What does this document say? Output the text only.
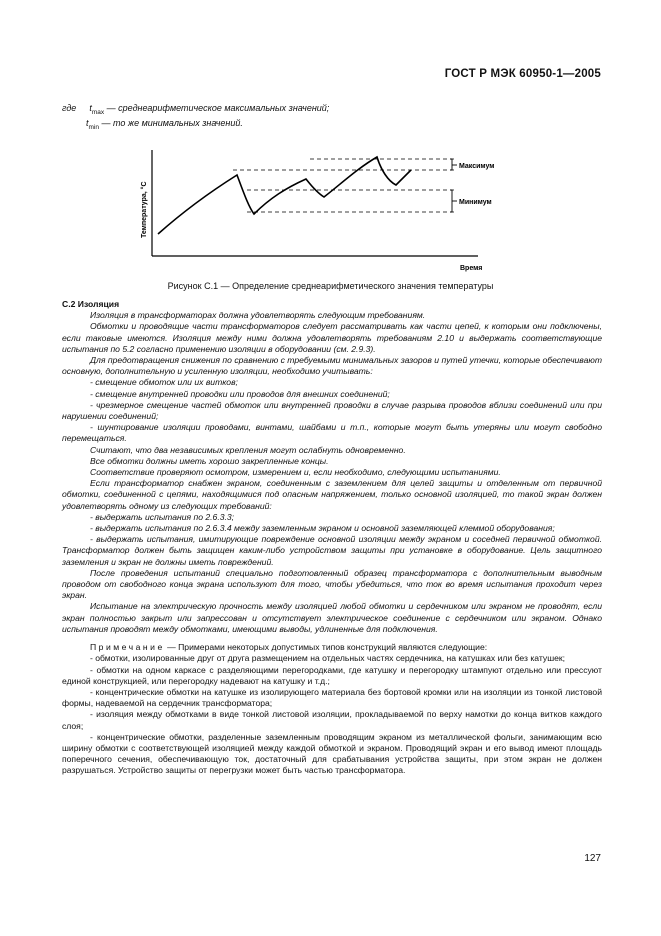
ГОСТ Р МЭК 60950-1—2005
где $t_{max}$ — среднеарифметическое максимальных значений;
$t_{min}$ — то же минимальных значений.
Максимум
Минимум
Время
Температура, °С
Рисунок С.1 — Определение среднеарифметического значения температуры

С.2 Изоляция

Изоляция в трансформаторах должна удовлетворять следующим требованиям.

Обмотки и проводящие части трансформаторов следует рассматривать как части цепей, к которым они подключены, если таковые имеются. Изоляция между ними должна удовлетворять требованиям 2.10 и выдержать соответствующие испытания по 5.2 согласно применению изоляции в оборудовании (см. 2.9.3).

Для предотвращения снижения по сравнению с требуемыми минимальных зазоров и путей утечки, которые обеспечивают основную, дополнительную и усиленную изоляции, необходимо учитывать:

- смещение обмоток или их витков;

- смещение внутренней проводки или проводов для внешних соединений;

- чрезмерное смещение частей обмоток или внутренней проводки в случае разрыва проводов вблизи соединений или при нарушении соединений;

- шунтирование изоляции проводами, винтами, шайбами и т.п., которые могут быть утеряны или могут свободно перемещаться.

Считают, что два независимых крепления могут ослабнуть одновременно.

Все обмотки должны иметь хорошо закрепленные концы.

Соответствие проверяют осмотром, измерением и, если необходимо, следующими испытаниями.

Если трансформатор снабжен экраном, соединенным с заземлением для целей защиты и отделенным от первичной обмотки, соединенной с цепями, находящимися под опасным напряжением, только основной изоляцией, то такой экран должен удовлетворять одному из следующих требований:

- выдержать испытания по 2.6.3.3;

- выдержать испытания по 2.6.3.4 между заземленным экраном и основной заземляющей клеммой оборудования;

- выдержать испытания, имитирующие повреждение основной изоляции между экраном и соседней первичной обмоткой. Трансформатор должен быть защищен каким-либо устройством защиты при установке в оборудование. Цель защитного заземления и экран не должны иметь повреждений.

После проведения испытаний специально подготовленный образец трансформатора с дополнительным выводным проводом от свободного конца экрана используют для того, чтобы убедиться, что ток во время испытания проходит через экран.

Испытание на электрическую прочность между изоляцией любой обмотки и сердечником или экраном не проводят, если экран полностью закрыт или запрессован и отсутствует электрическое соединение с сердечником или экраном. Однако испытания проводят между обмотками, имеющими выводы, удлиненные для подключения.

Примечание — Примерами некоторых допустимых типов конструкций являются следующие:

- обмотки, изолированные друг от друга размещением на отдельных частях сердечника, на катушках или без катушек;

- обмотки на одном каркасе с разделяющими перегородками, где катушку и перегородку штампуют отдельно или прессуют единой конструкцией, или перегородку надевают на катушку и т.д.;

- концентрические обмотки на катушке из изолирующего материала без бортовой кромки или на изоляции из тонкой листовой формы, надеваемой на сердечник трансформатора;

- изоляция между обмотками в виде тонкой листовой изоляции, прокладываемой по верху намотки до конца витков каждого слоя;

- концентрические обмотки, разделенные заземленным проводящим экраном из металлической фольги, занимающим всю ширину обмотки с соответствующей изоляцией между каждой обмоткой и экраном. Проводящий экран и его вывод имеют площадь поперечного сечения, обеспечивающую ток, достаточный для срабатывания устройства защиты, при этом экран не должен разрушаться. Устройство защиты от перегрузки может быть частью трансформатора.

127
